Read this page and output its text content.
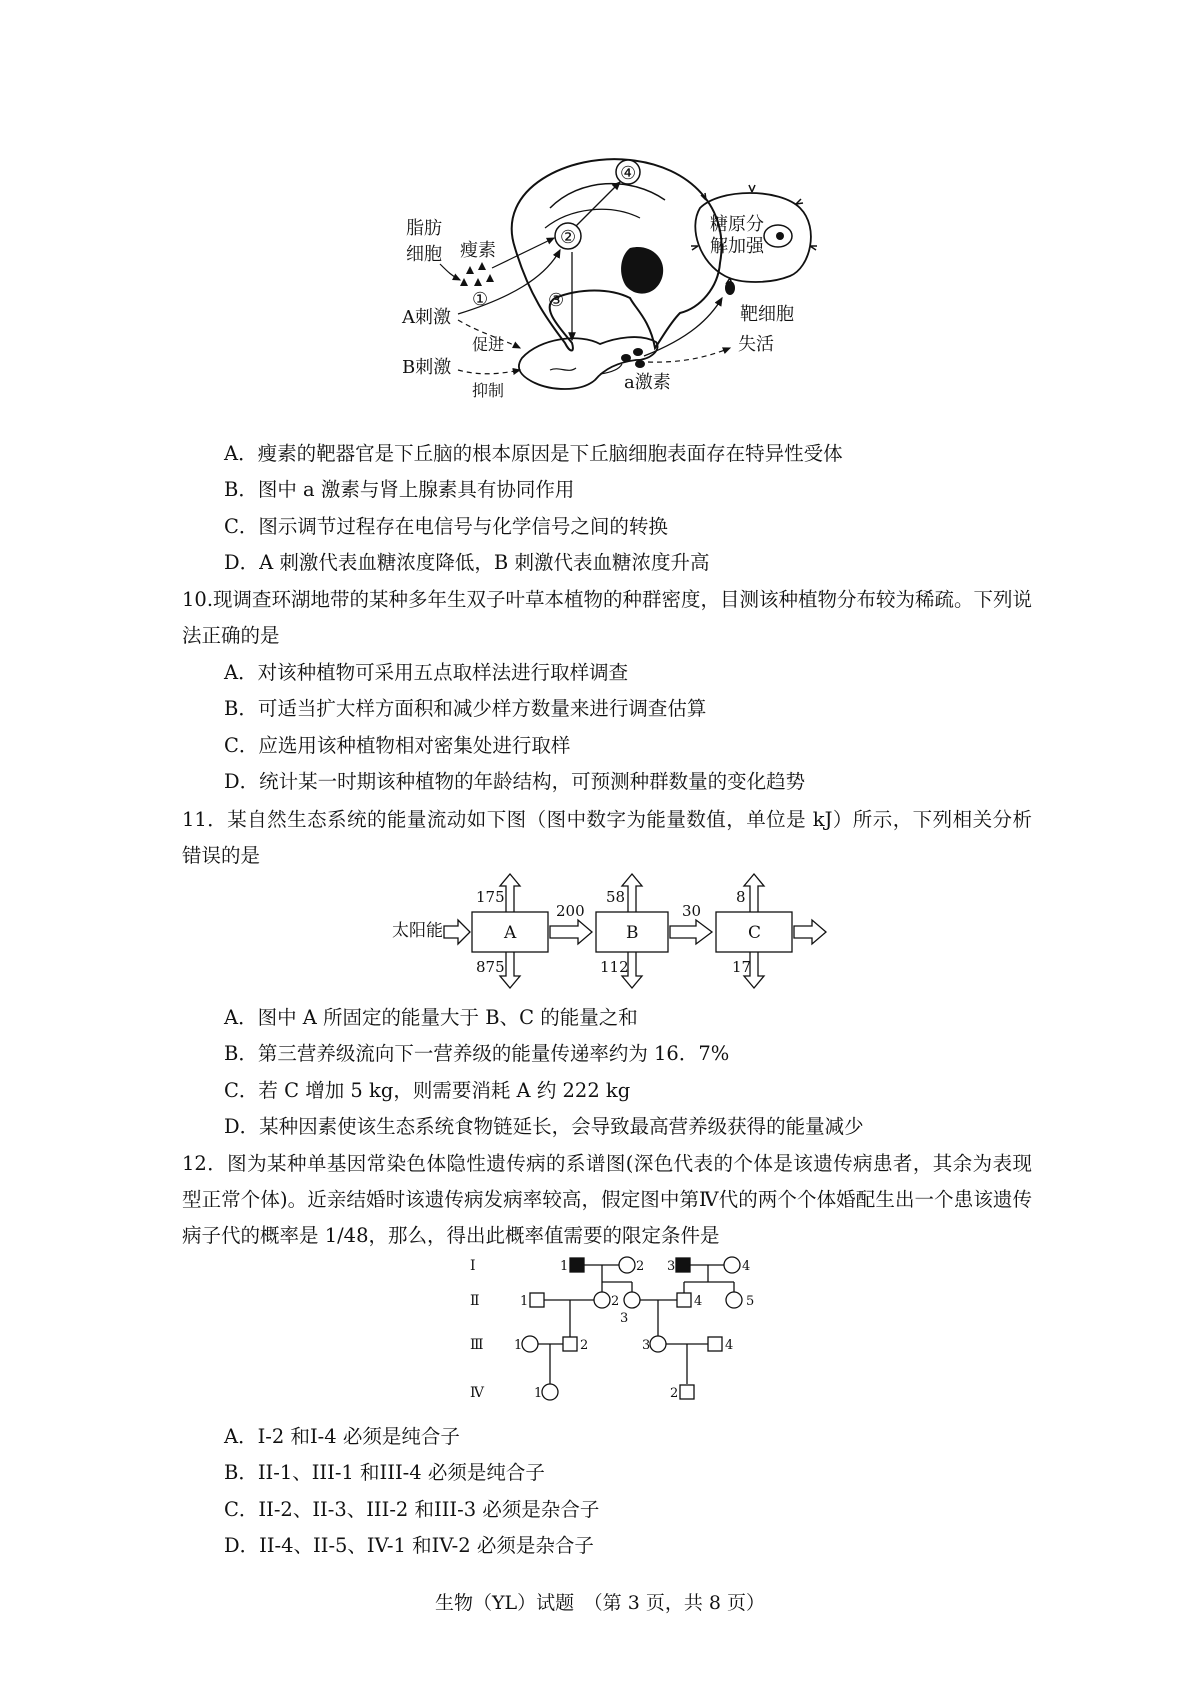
②
④
脂肪
细胞 瘦素
A刺激
①	③
B刺激
促进
抑制	a激素
失活
糖原分
解加强
靶细胞
A．瘦素的靶器官是下丘脑的根本原因是下丘脑细胞表面存在特异性受体
B．图中 a 激素与肾上腺素具有协同作用
C．图示调节过程存在电信号与化学信号之间的转换
D．A 刺激代表血糖浓度降低，B 刺激代表血糖浓度升高
10.现调查环湖地带的某种多年生双子叶草本植物的种群密度，目测该种植物分布较为稀疏。下列说法正确的是
A．对该种植物可采用五点取样法进行取样调查
B．可适当扩大样方面积和减少样方数量来进行调查估算
C．应选用该种植物相对密集处进行取样
D．统计某一时期该种植物的年龄结构，可预测种群数量的变化趋势
11．某自然生态系统的能量流动如下图（图中数字为能量数值，单位是 kJ）所示，下列相关分析错误的是
太阳能	A	B	C
175	58	8
875	112	17
200	30
A．图中 A 所固定的能量大于 B、C 的能量之和
B．第三营养级流向下一营养级的能量传递率约为 16．7%
C．若 C 增加 5 kg，则需要消耗 A 约 222 kg
D．某种因素使该生态系统食物链延长，会导致最高营养级获得的能量减少
12．图为某种单基因常染色体隐性遗传病的系谱图(深色代表的个体是该遗传病患者，其余为表现型正常个体)。近亲结婚时该遗传病发病率较高，假定图中第Ⅳ代的两个个体婚配生出一个患该遗传病子代的概率是 1/48，那么，得出此概率值需要的限定条件是
Ⅰ
Ⅱ
Ⅲ
Ⅳ
1	2 3	4
1	2
3
4	5
1	2	3	4
1	2
A．I-2 和I-4 必须是纯合子
B．II-1、III-1 和III-4 必须是纯合子
C．II-2、II-3、III-2 和III-3 必须是杂合子
D．II-4、II-5、IV-1 和IV-2 必须是杂合子
生物（YL）试题　（第 3 页，共 8 页）
